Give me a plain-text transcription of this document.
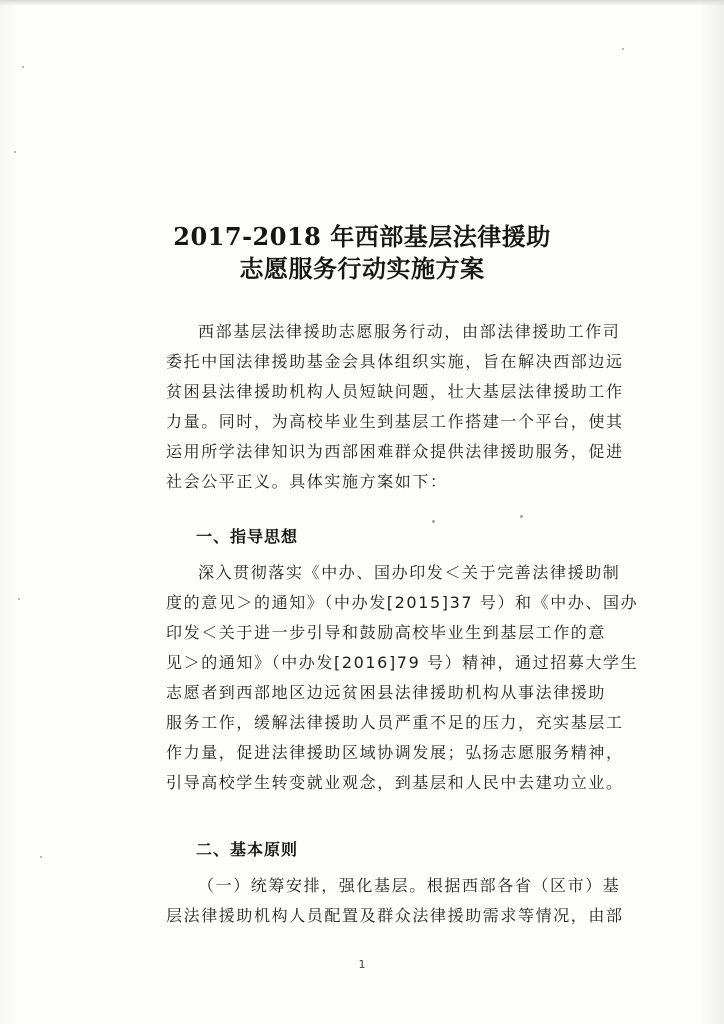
2017-2018 年西部基层法律援助
志愿服务行动实施方案
西部基层法律援助志愿服务行动，由部法律援助工作司
委托中国法律援助基金会具体组织实施，旨在解决西部边远
贫困县法律援助机构人员短缺问题，壮大基层法律援助工作
力量。同时，为高校毕业生到基层工作搭建一个平台，使其
运用所学法律知识为西部困难群众提供法律援助服务，促进
社会公平正义。具体实施方案如下：
一、指导思想
深入贯彻落实《中办、国办印发＜关于完善法律援助制
度的意见＞的通知》（中办发[2015]37 号）和《中办、国办
印发＜关于进一步引导和鼓励高校毕业生到基层工作的意
见＞的通知》（中办发[2016]79 号）精神，通过招募大学生
志愿者到西部地区边远贫困县法律援助机构从事法律援助
服务工作，缓解法律援助人员严重不足的压力，充实基层工
作力量，促进法律援助区域协调发展；弘扬志愿服务精神，
引导高校学生转变就业观念，到基层和人民中去建功立业。
二、基本原则
（一）统筹安排，强化基层。根据西部各省（区市）基
层法律援助机构人员配置及群众法律援助需求等情况，由部
1
